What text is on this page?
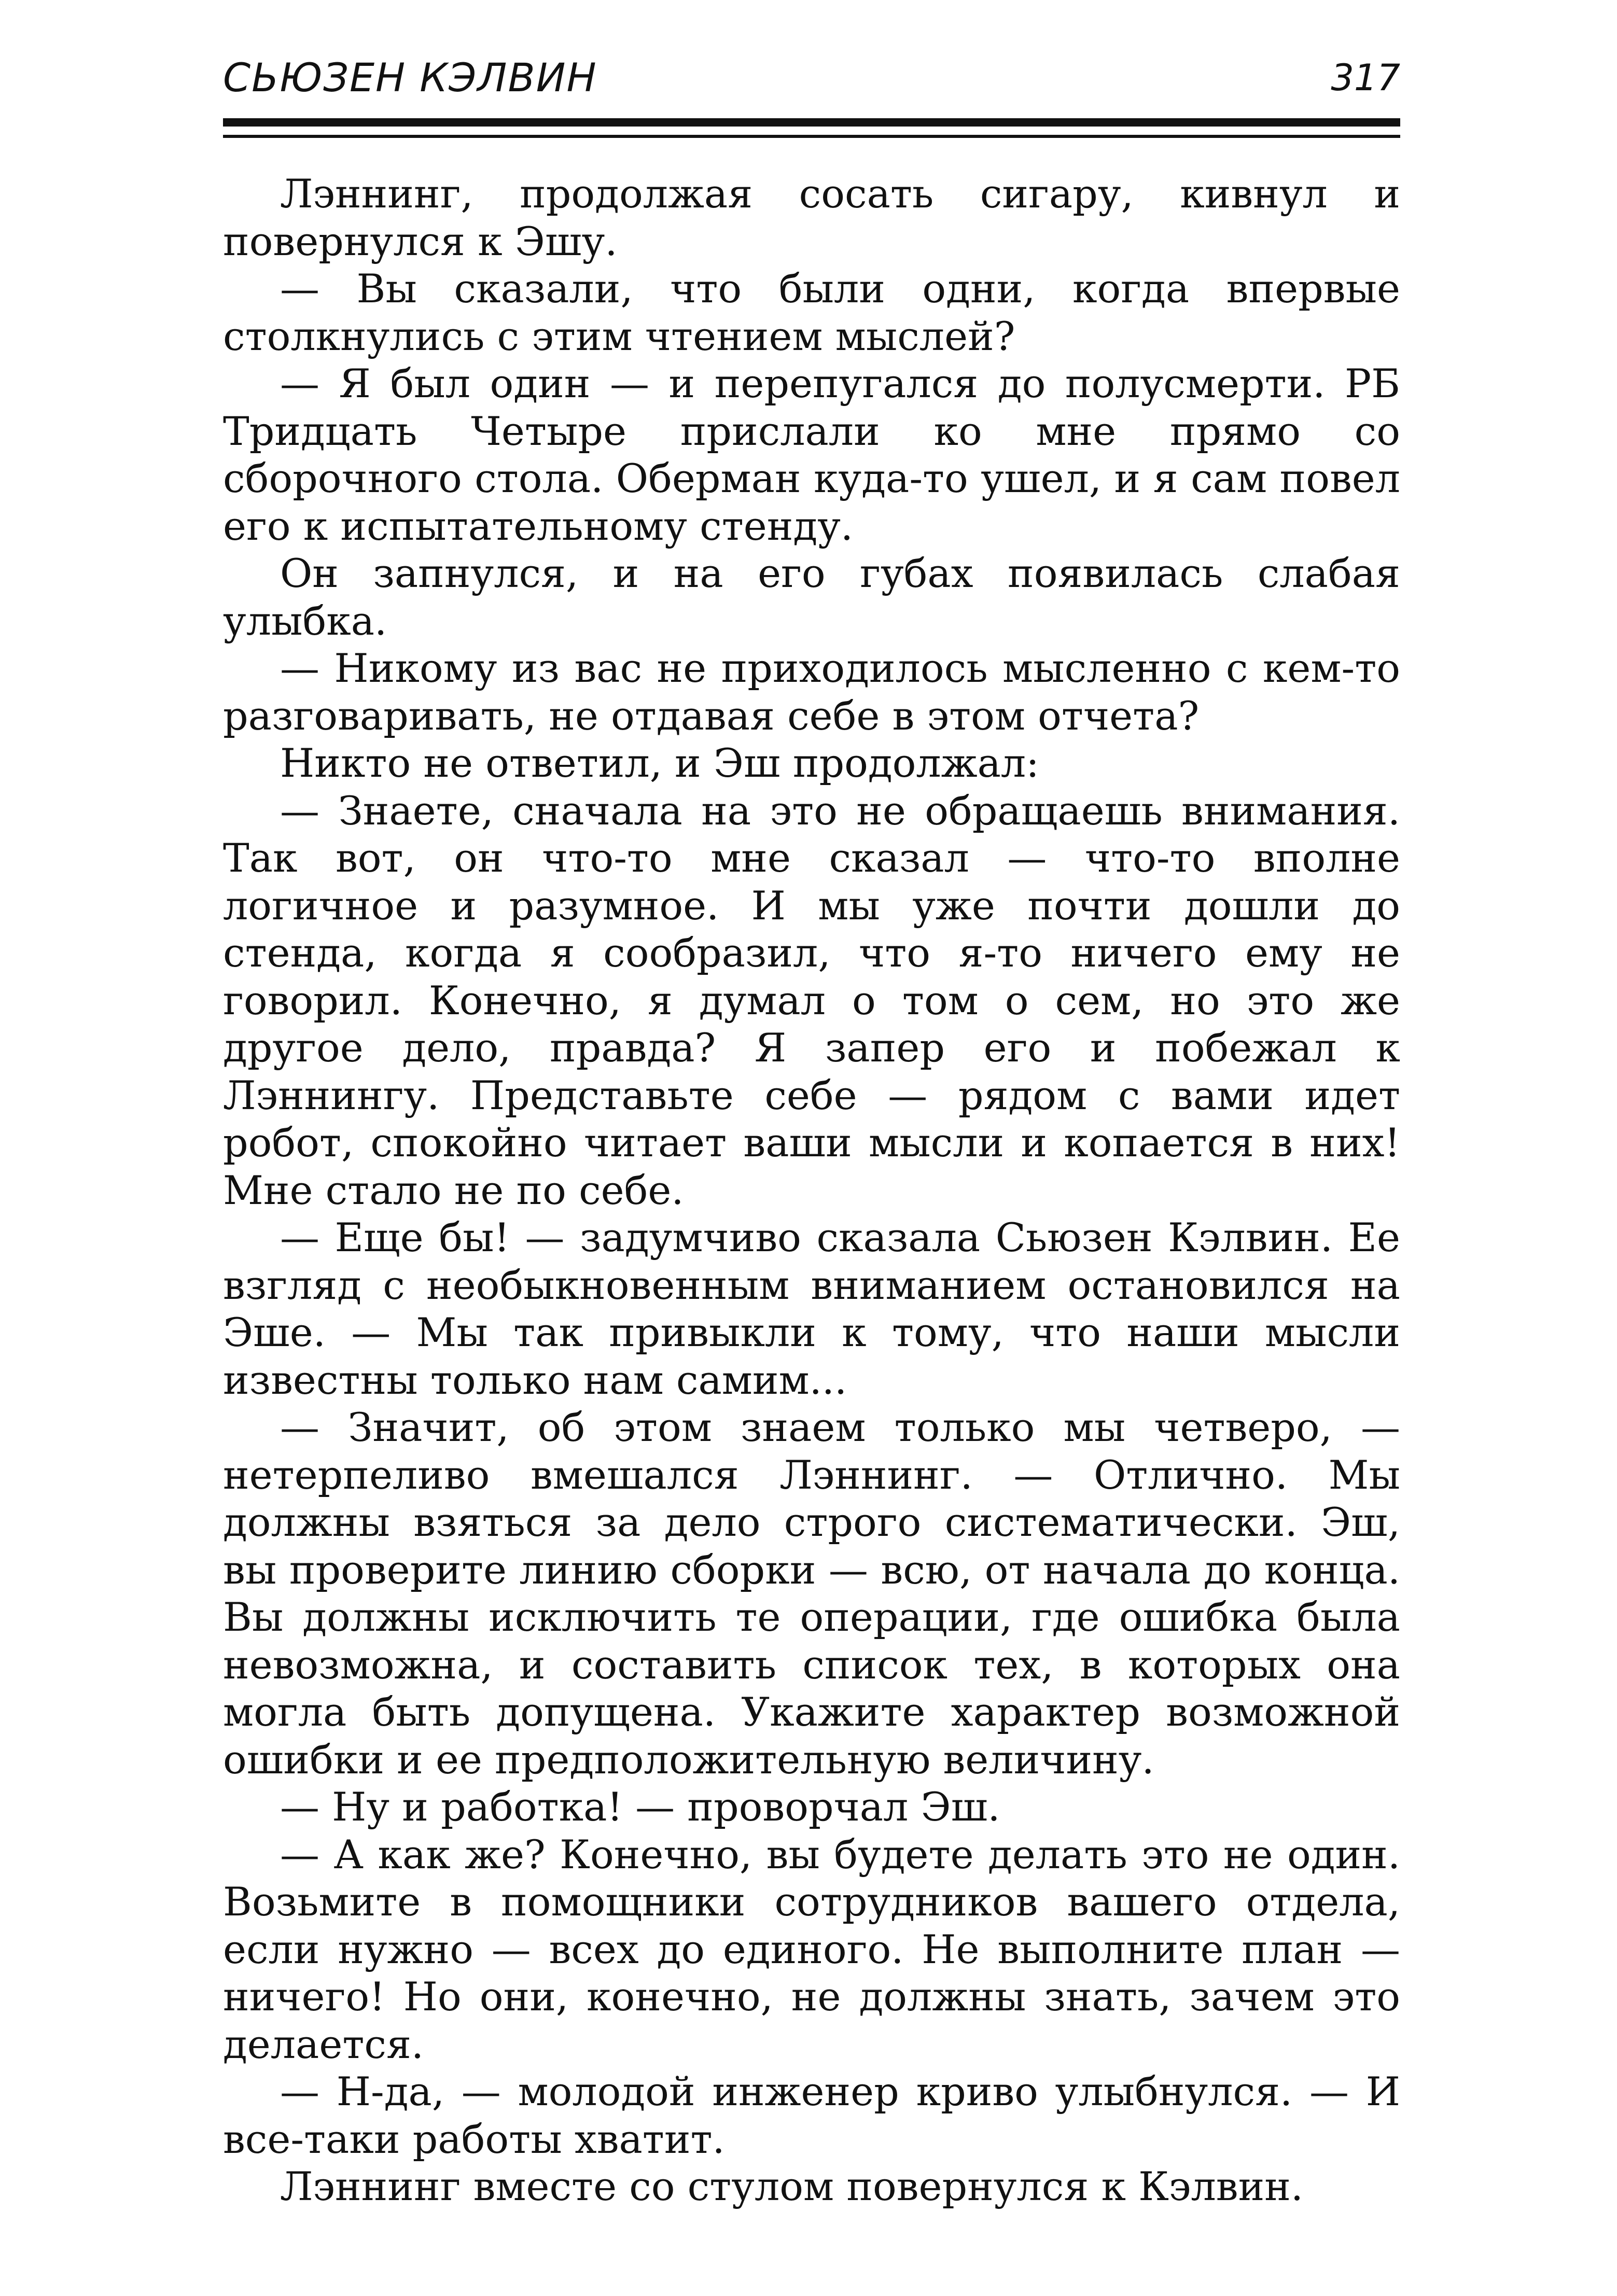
СЬЮЗЕН КЭЛВИН	317

Лэннинг, продолжая сосать сигару, кивнул и повернулся к Эшу.

— Вы сказали, что были одни, когда впервые столкнулись с этим чтением мыслей?

— Я был один — и перепугался до полусмерти. РБ Тридцать Четыре прислали ко мне прямо со сборочного стола. Оберман куда-то ушел, и я сам повел его к испытательному стенду.

Он запнулся, и на его губах появилась слабая улыбка.

— Никому из вас не приходилось мысленно с кем-то разговаривать, не отдавая себе в этом отчета?

Никто не ответил, и Эш продолжал:

— Знаете, сначала на это не обращаешь внимания. Так вот, он что-то мне сказал — что-то вполне логичное и разумное. И мы уже почти дошли до стенда, когда я сообразил, что я-то ничего ему не говорил. Конечно, я думал о том о сем, но это же другое дело, правда? Я запер его и побежал к Лэннингу. Представьте себе — рядом с вами идет робот, спокойно читает ваши мысли и копается в них! Мне стало не по себе.

— Еще бы! — задумчиво сказала Сьюзен Кэлвин. Ее взгляд с необыкновенным вниманием остановился на Эше. — Мы так привыкли к тому, что наши мысли известны только нам самим...

— Значит, об этом знаем только мы четверо, — нетерпеливо вмешался Лэннинг. — Отлично. Мы должны взяться за дело строго систематически. Эш, вы проверите линию сборки — всю, от начала до конца. Вы должны исключить те операции, где ошибка была невозможна, и составить список тех, в которых она могла быть допущена. Укажите характер возможной ошибки и ее предположительную величину.

— Ну и работка! — проворчал Эш.

— А как же? Конечно, вы будете делать это не один. Возьмите в помощники сотрудников вашего отдела, если нужно — всех до единого. Не выполните план — ничего! Но они, конечно, не должны знать, зачем это делается.

— Н-да, — молодой инженер криво улыбнулся. — И все-таки работы хватит.

Лэннинг вместе со стулом повернулся к Кэлвин.
